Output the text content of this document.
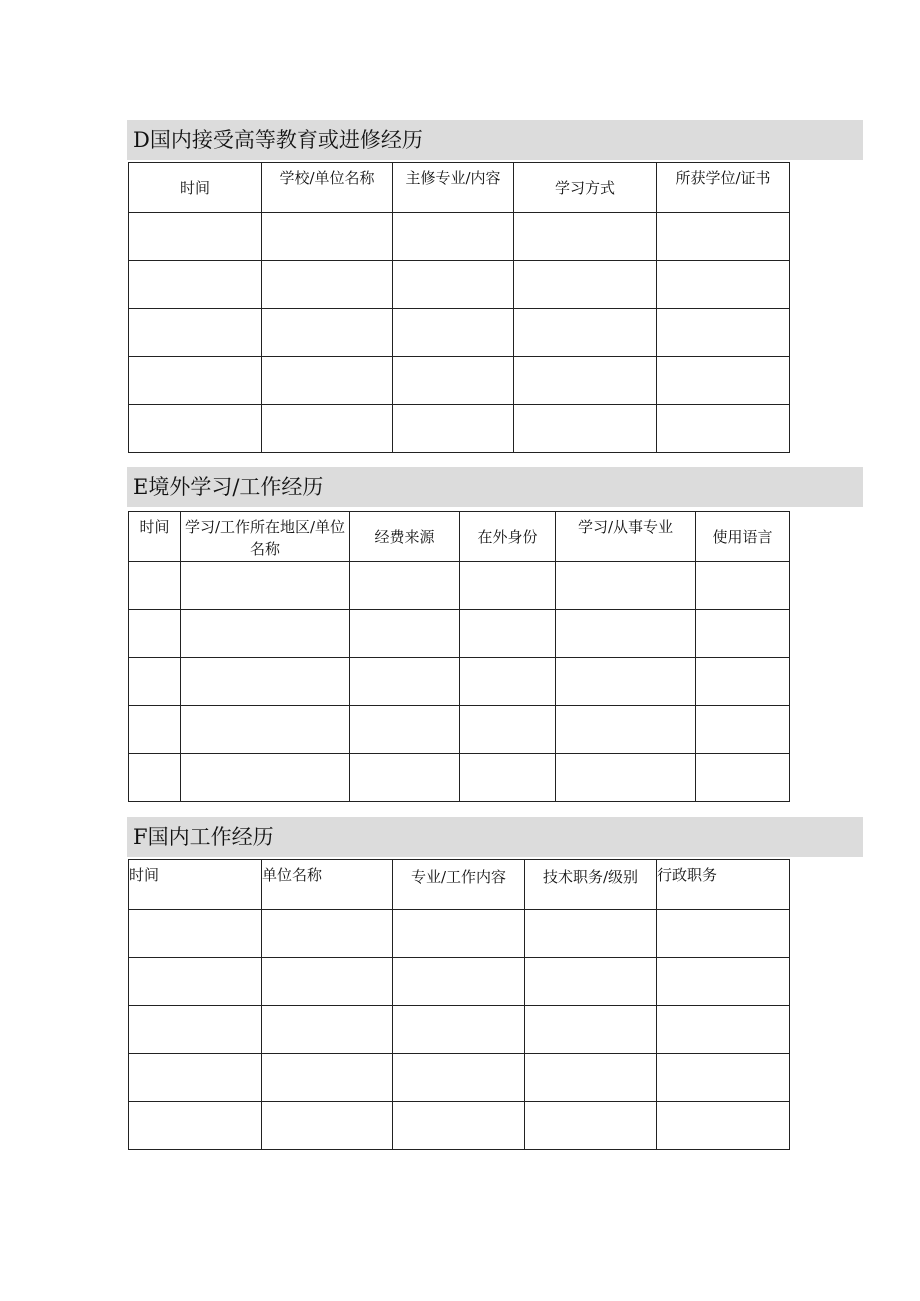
D国内接受高等教育或进修经历
时间	学校/单位名称	主修专业/内容	学习方式	所获学位/证书

E境外学习/工作经历
时间	学习/工作所在地区/单位名称	经费来源	在外身份	学习/从事专业	使用语言

F国内工作经历
时间	单位名称	专业/工作内容	技术职务/级别	行政职务
